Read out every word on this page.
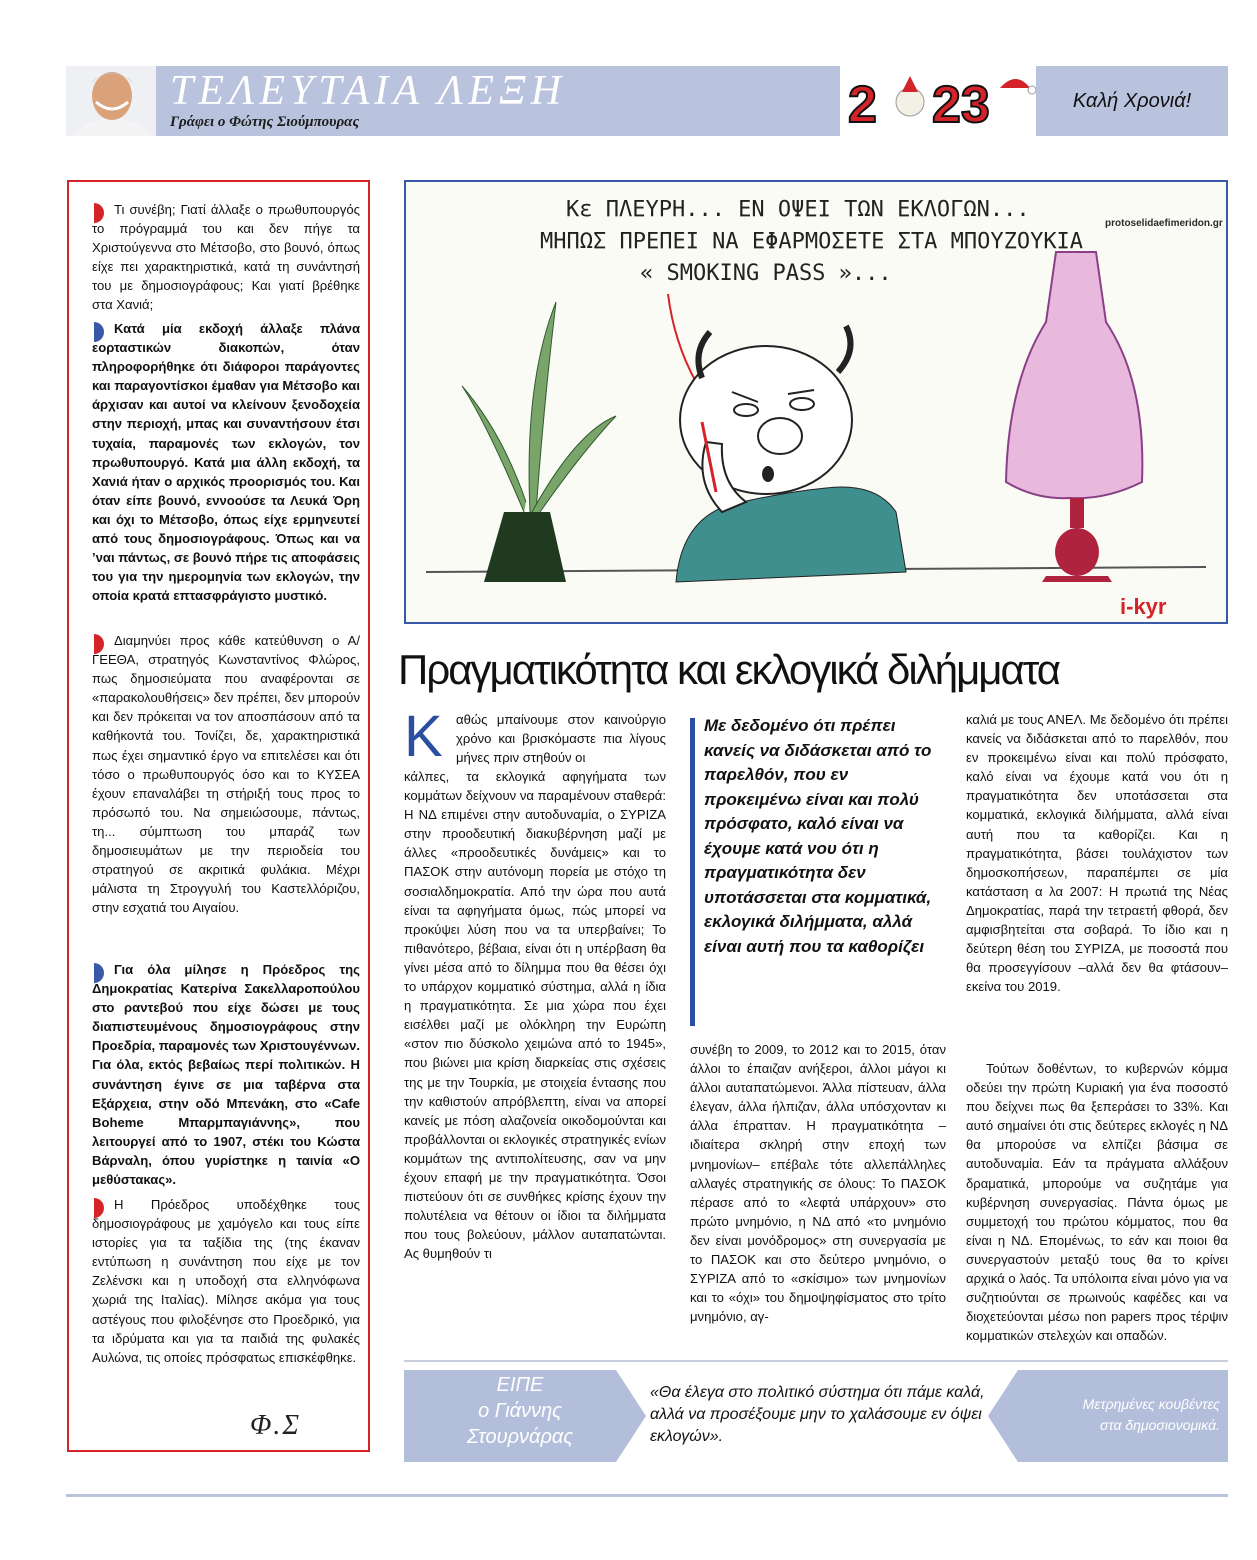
ΤΕΛΕΥΤΑΙΑ ΛΕΞΗ
Γράφει ο Φώτης Σιούμπουρας	2 23	Καλή Χρονιά!

Τι συνέβη; Γιατί άλλαξε ο πρωθυπουργός το πρόγραμμά του και δεν πήγε τα Χριστούγεννα στο Μέτσοβο, στο βουνό, όπως είχε πει χαρακτηριστικά, κατά τη συνάντησή του με δημοσιογράφους; Και γιατί βρέθηκε στα Χανιά;

Κατά μία εκδοχή άλλαξε πλάνα εορταστικών διακοπών, όταν πληροφορήθηκε ότι διάφοροι παράγοντες και παραγοντίσκοι έμαθαν για Μέτσοβο και άρχισαν και αυτοί να κλείνουν ξενοδοχεία στην περιοχή, μπας και συναντήσουν έτσι τυχαία, παραμονές των εκλογών, τον πρωθυπουργό. Κατά μια άλλη εκδοχή, τα Χανιά ήταν ο αρχικός προορισμός του. Και όταν είπε βουνό, εννοούσε τα Λευκά Όρη και όχι το Μέτσοβο, όπως είχε ερμηνευτεί από τους δημοσιογράφους. Όπως και να ’ναι πάντως, σε βουνό πήρε τις αποφάσεις του για την ημερομηνία των εκλογών, την οποία κρατά επτασφράγιστο μυστικό.

Διαμηνύει προς κάθε κατεύθυνση ο Α/ΓΕΕΘΑ, στρατηγός Κωνσταντίνος Φλώρος, πως δημοσιεύματα που αναφέρονται σε «παρακολουθήσεις» δεν πρέπει, δεν μπορούν και δεν πρόκειται να τον αποσπάσουν από τα καθήκοντά του. Τονίζει, δε, χαρακτηριστικά πως έχει σημαντικό έργο να επιτελέσει και ότι τόσο ο πρωθυπουργός όσο και το ΚΥΣΕΑ έχουν επαναλάβει τη στήριξή τους προς το πρόσωπό του. Να σημειώσουμε, πάντως, τη... σύμπτωση του μπαράζ των δημοσιευμάτων με την περιοδεία του στρατηγού σε ακριτικά φυλάκια. Μέχρι μάλιστα τη Στρογγυλή του Καστελλόριζου, στην εσχατιά του Αιγαίου.

Για όλα μίλησε η Πρόεδρος της Δημοκρατίας Κατερίνα Σακελλαροπούλου στο ραντεβού που είχε δώσει με τους διαπιστευμένους δημοσιογράφους στην Προεδρία, παραμονές των Χριστουγέννων. Για όλα, εκτός βεβαίως περί πολιτικών. Η συνάντηση έγινε σε μια ταβέρνα στα Εξάρχεια, στην οδό Μπενάκη, στο «Cafe Boheme Μπαρμπαγιάννης», που λειτουργεί από το 1907, στέκι του Κώστα Βάρναλη, όπου γυρίστηκε η ταινία «Ο μεθύστακας».

Η Πρόεδρος υποδέχθηκε τους δημοσιογράφους με χαμόγελο και τους είπε ιστορίες για τα ταξίδια της (της έκαναν εντύπωση η συνάντηση που είχε με τον Ζελένσκι και η υποδοχή στα ελληνόφωνα χωριά της Ιταλίας). Μίλησε ακόμα για τους αστέγους που φιλοξένησε στο Προεδρικό, για τα ιδρύματα και για τα παιδιά της φυλακές Αυλώνα, τις οποίες πρόσφατως επισκέφθηκε.

Φ.Σ
Κε ΠΛΕΥΡΗ... ΕΝ ΟΨΕΙ ΤΩΝ ΕΚΛΟΓΩΝ...
ΜΗΠΩΣ ΠΡΕΠΕΙ ΝΑ ΕΦΑΡΜΟΣΕΤΕ ΣΤΑ ΜΠΟΥΖΟΥΚΙΑ
« SMOKING PASS »...
i-kyr
protoselidaefimeridon.gr
Πραγματικότητα και εκλογικά διλήμματα
Κ αθώς μπαίνουμε στον καινούργιο χρόνο και βρισκόμαστε πια λίγους μήνες πριν στηθούν οι

κάλπες, τα εκλογικά αφηγήματα των κομμάτων δείχνουν να παραμένουν σταθερά: Η ΝΔ επιμένει στην αυτοδυναμία, ο ΣΥΡΙΖΑ στην προοδευτική διακυβέρνηση μαζί με άλλες «προοδευτικές δυνάμεις» και το ΠΑΣΟΚ στην αυτόνομη πορεία με στόχο τη σοσιαλδημοκρατία. Από την ώρα που αυτά είναι τα αφηγήματα όμως, πώς μπορεί να προκύψει λύση που να τα υπερβαίνει; Το πιθανότερο, βέβαια, είναι ότι η υπέρβαση θα γίνει μέσα από το δίλημμα που θα θέσει όχι το υπάρχον κομματικό σύστημα, αλλά η ίδια η πραγματικότητα. Σε μια χώρα που έχει εισέλθει μαζί με ολόκληρη την Ευρώπη «στον πιο δύσκολο χειμώνα από το 1945», που βιώνει μια κρίση διαρκείας στις σχέσεις της με την Τουρκία, με στοιχεία έντασης που την καθιστούν απρόβλεπτη, είναι να απορεί κανείς με πόση αλαζονεία οικοδομούνται και προβάλλονται οι εκλογικές στρατηγικές ενίων κομμάτων της αντιπολίτευσης, σαν να μην έχουν επαφή με την πραγματικότητα. Όσοι πιστεύουν ότι σε συνθήκες κρίσης έχουν την πολυτέλεια να θέτουν οι ίδιοι τα διλήμματα που τους βολεύουν, μάλλον αυταπατώνται. Ας θυμηθούν τι

Με δεδομένο ότι πρέπει κανείς να διδάσκεται από το παρελθόν, που εν προκειμένω είναι και πολύ πρόσφατο, καλό είναι να έχουμε κατά νου ότι η πραγματικότητα δεν υποτάσσεται στα κομματικά, εκλογικά διλήμματα, αλλά είναι αυτή που τα καθορίζει

συνέβη το 2009, το 2012 και το 2015, όταν άλλοι το έπαιζαν ανήξεροι, άλλοι μάγοι κι άλλοι αυταπατώμενοι. Άλλα πίστευαν, άλλα έλεγαν, άλλα ήλπιζαν, άλλα υπόσχονταν κι άλλα έπρατταν. Η πραγματικότητα –ιδιαίτερα σκληρή στην εποχή των μνημονίων– επέβαλε τότε αλλεπάλληλες αλλαγές στρατηγικής σε όλους: Το ΠΑΣΟΚ πέρασε από το «λεφτά υπάρχουν» στο πρώτο μνημόνιο, η ΝΔ από «το μνημόνιο δεν είναι μονόδρομος» στη συνεργασία με το ΠΑΣΟΚ και στο δεύτερο μνημόνιο, ο ΣΥΡΙΖΑ από το «σκίσιμο» των μνημονίων και το «όχι» του δημοψηφίσματος στο τρίτο μνημόνιο, αγ-

καλιά με τους ΑΝΕΛ. Με δεδομένο ότι πρέπει κανείς να διδάσκεται από το παρελθόν, που εν προκειμένω είναι και πολύ πρόσφατο, καλό είναι να έχουμε κατά νου ότι η πραγματικότητα δεν υποτάσσεται στα κομματικά, εκλογικά διλήμματα, αλλά είναι αυτή που τα καθορίζει. Και η πραγματικότητα, βάσει τουλάχιστον των δημοσκοπήσεων, παραπέμπει σε μία κατάσταση α λα 2007: Η πρωτιά της Νέας Δημοκρατίας, παρά την τετραετή φθορά, δεν αμφισβητείται στα σοβαρά. Το ίδιο και η δεύτερη θέση του ΣΥΡΙΖΑ, με ποσοστά που θα προσεγγίσουν –αλλά δεν θα φτάσουν– εκείνα του 2019.

Τούτων δοθέντων, το κυβερνών κόμμα οδεύει την πρώτη Κυριακή για ένα ποσοστό που δείχνει πως θα ξεπεράσει το 33%. Και αυτό σημαίνει ότι στις δεύτερες εκλογές η ΝΔ θα μπορούσε να ελπίζει βάσιμα σε αυτοδυναμία. Εάν τα πράγματα αλλάξουν δραματικά, μπορούμε να συζητάμε για κυβέρνηση συνεργασίας. Πάντα όμως με συμμετοχή του πρώτου κόμματος, που θα είναι η ΝΔ. Επομένως, το εάν και ποιοι θα συνεργαστούν μεταξύ τους θα το κρίνει αρχικά ο λαός. Τα υπόλοιπα είναι μόνο για να συζητιούνται σε πρωινούς καφέδες και να διοχετεύονται μέσω non papers προς τέρψιν κομματικών στελεχών και οπαδών.

ΕΙΠΕ
ο Γιάννης
Στουρνάρας
«Θα έλεγα στο πολιτικό σύστημα ότι πάμε καλά, αλλά να προσέξουμε μην το χαλάσουμε εν όψει εκλογών».
Μετρημένες κουβέντες
στα δημοσιονομικά.
